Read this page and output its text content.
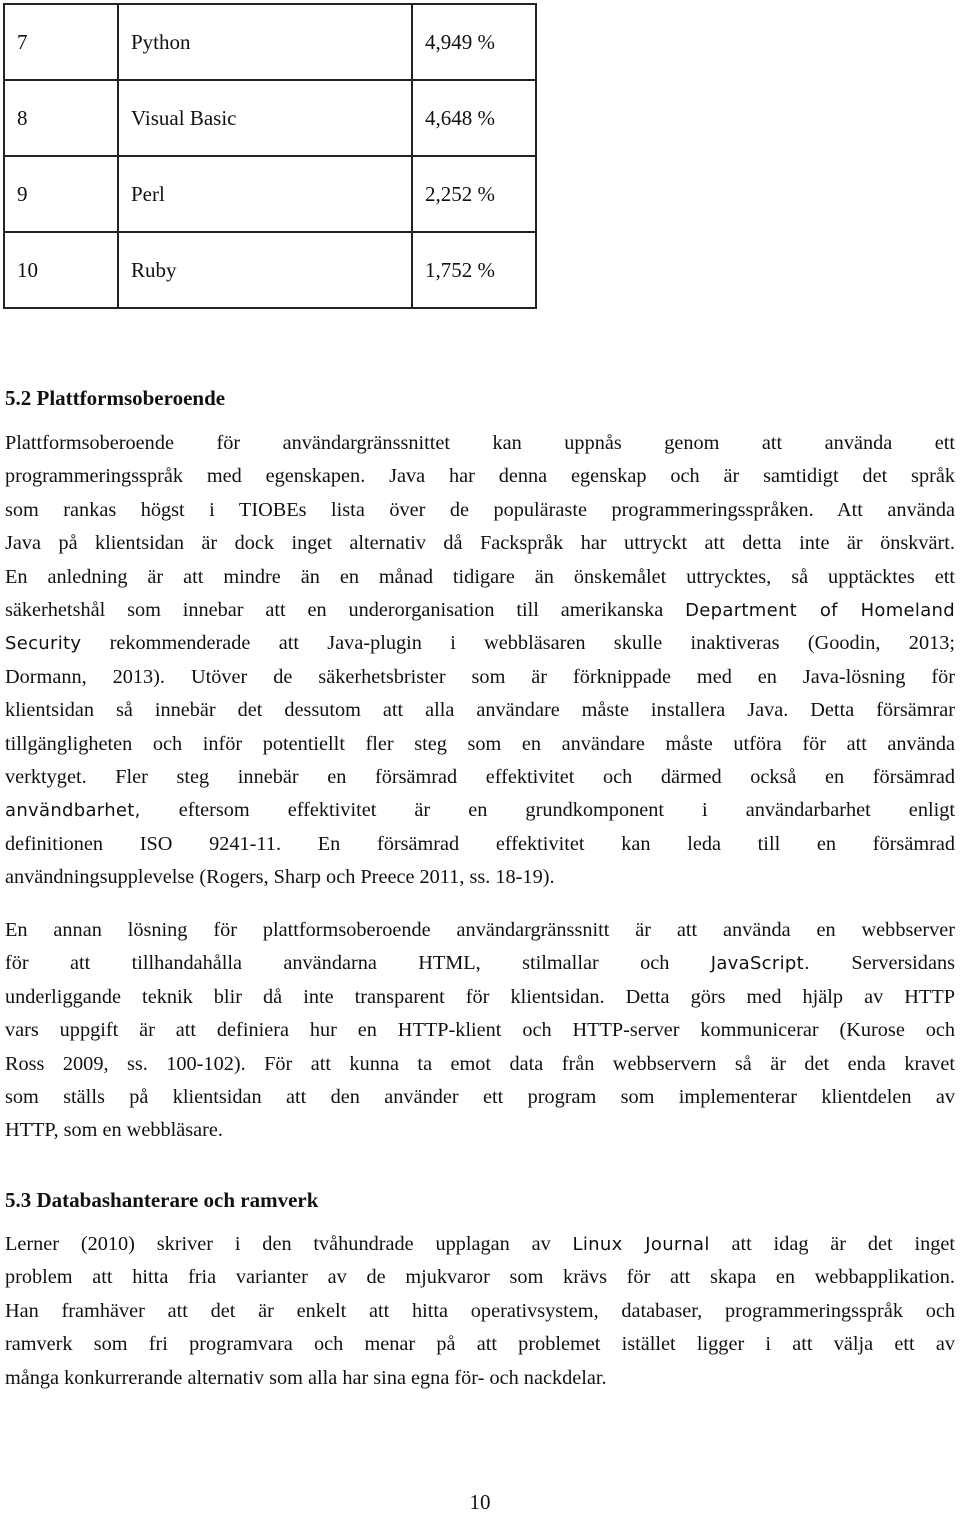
7	Python	4,949 %
8	Visual Basic	4,648 %
9	Perl	2,252 %
10	Ruby	1,752 %
5.2 Plattformsoberoende
Plattformsoberoende för användargränssnittet kan uppnås genom att använda ett
programmeringsspråk med egenskapen. Java har denna egenskap och är samtidigt det språk
som rankas högst i TIOBEs lista över de populäraste programmeringsspråken. Att använda
Java på klientsidan är dock inget alternativ då Fackspråk har uttryckt att detta inte är önskvärt.
En anledning är att mindre än en månad tidigare än önskemålet uttrycktes, så upptäcktes ett
säkerhetshål som innebar att en underorganisation till amerikanska Department of Homeland
Security rekommenderade att Java-plugin i webbläsaren skulle inaktiveras (Goodin, 2013;
Dormann, 2013). Utöver de säkerhetsbrister som är förknippade med en Java-lösning för
klientsidan så innebär det dessutom att alla användare måste installera Java. Detta försämrar
tillgängligheten och inför potentiellt fler steg som en användare måste utföra för att använda
verktyget. Fler steg innebär en försämrad effektivitet och därmed också en försämrad
användbarhet, eftersom effektivitet är en grundkomponent i användarbarhet enligt
definitionen ISO 9241-11. En försämrad effektivitet kan leda till en försämrad
användningsupplevelse (Rogers, Sharp och Preece 2011, ss. 18-19).
En annan lösning för plattformsoberoende användargränssnitt är att använda en webbserver
för att tillhandahålla användarna HTML, stilmallar och JavaScript. Serversidans
underliggande teknik blir då inte transparent för klientsidan. Detta görs med hjälp av HTTP
vars uppgift är att definiera hur en HTTP-klient och HTTP-server kommunicerar (Kurose och
Ross 2009, ss. 100-102). För att kunna ta emot data från webbservern så är det enda kravet
som ställs på klientsidan att den använder ett program som implementerar klientdelen av
HTTP, som en webbläsare.
5.3 Databashanterare och ramverk
Lerner (2010) skriver i den tvåhundrade upplagan av Linux Journal att idag är det inget
problem att hitta fria varianter av de mjukvaror som krävs för att skapa en webbapplikation.
Han framhäver att det är enkelt att hitta operativsystem, databaser, programmeringsspråk och
ramverk som fri programvara och menar på att problemet istället ligger i att välja ett av
många konkurrerande alternativ som alla har sina egna för- och nackdelar.
10
